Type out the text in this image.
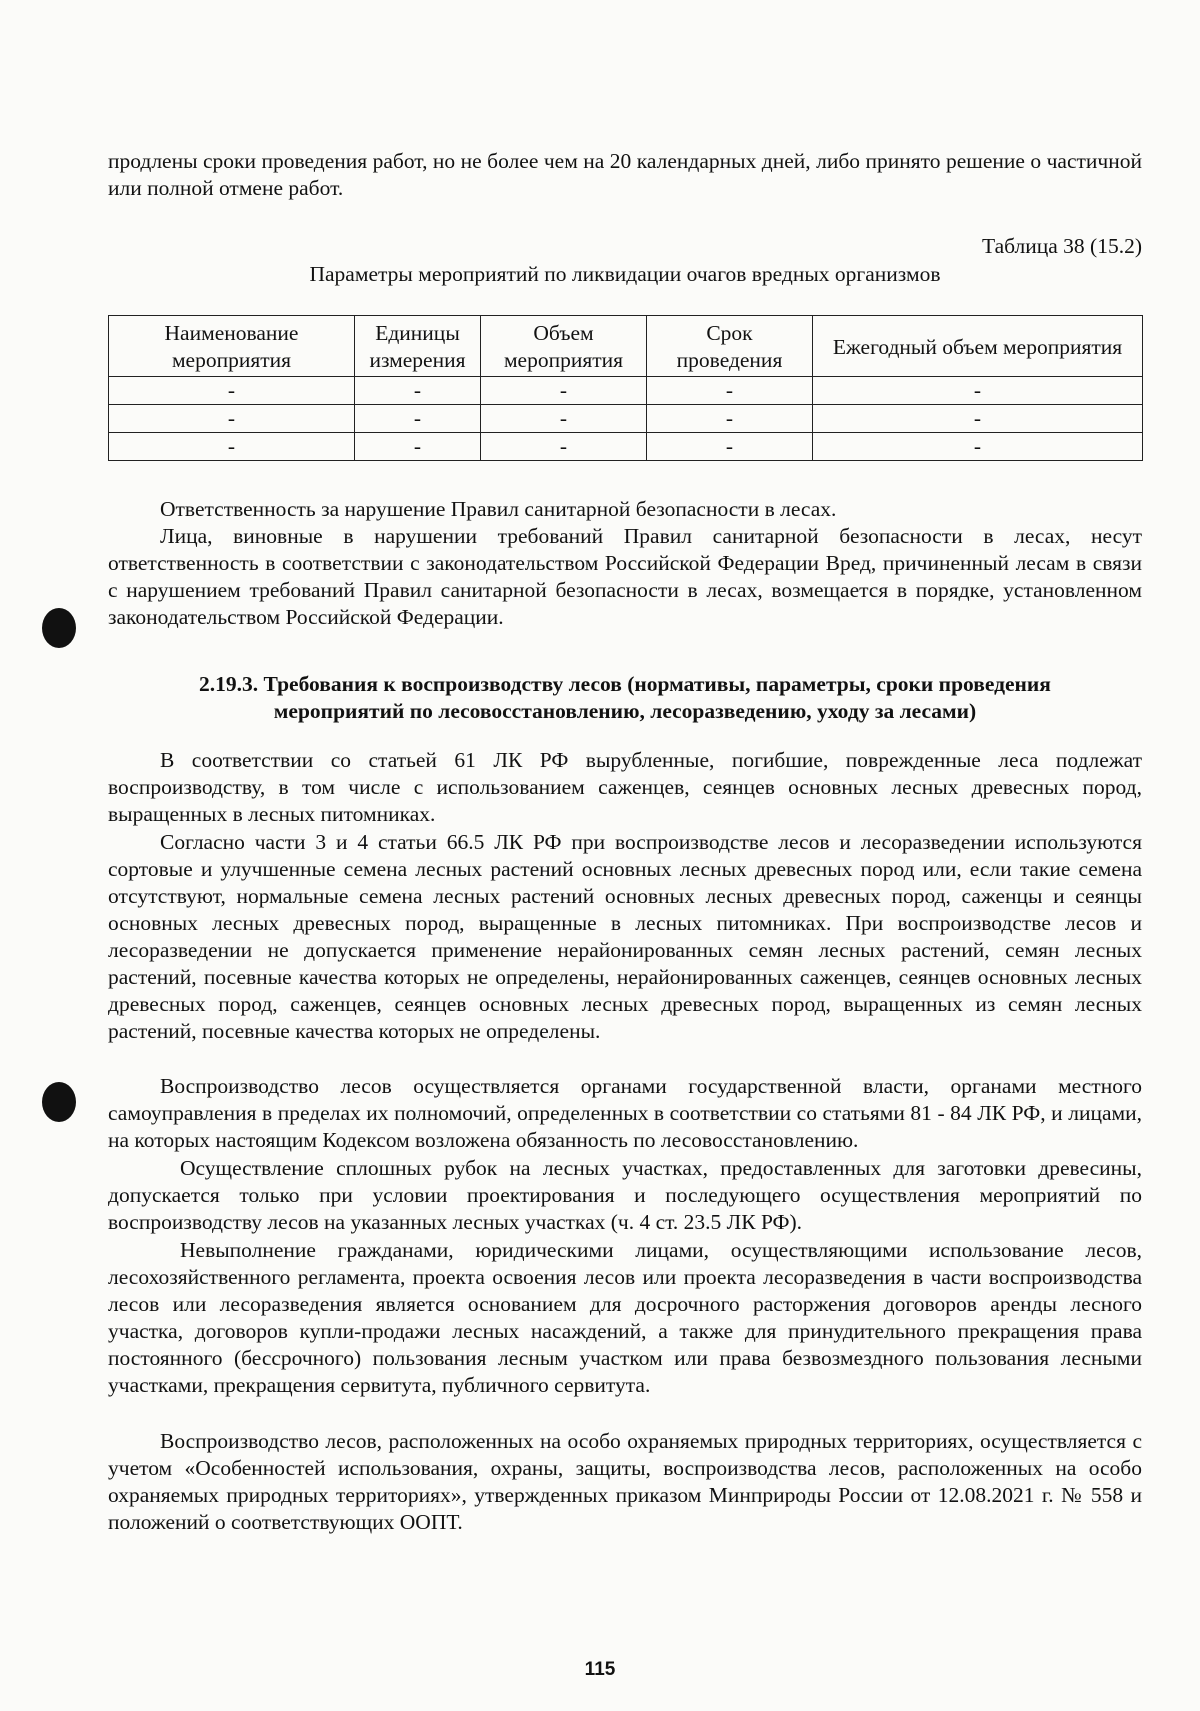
продлены сроки проведения работ, но не более чем на 20 календарных дней, либо принято решение о частичной или полной отмене работ.

Таблица 38 (15.2)

Параметры мероприятий по ликвидации очагов вредных организмов

Наименование мероприятия	Единицы измерения	Объем мероприятия	Срок проведения	Ежегодный объем мероприятия
-	-	-	-	-
-	-	-	-	-
-	-	-	-	-

Ответственность за нарушение Правил санитарной безопасности в лесах.

Лица, виновные в нарушении требований Правил санитарной безопасности в лесах, несут ответственность в соответствии с законодательством Российской Федерации Вред, причиненный лесам в связи с нарушением требований Правил санитарной безопасности в лесах, возмещается в порядке, установленном законодательством Российской Федерации.

2.19.3. Требования к воспроизводству лесов (нормативы, параметры, сроки проведения мероприятий по лесовосстановлению, лесоразведению, уходу за лесами)

В соответствии со статьей 61 ЛК РФ вырубленные, погибшие, поврежденные леса подлежат воспроизводству, в том числе с использованием саженцев, сеянцев основных лесных древесных пород, выращенных в лесных питомниках.

Согласно части 3 и 4 статьи 66.5 ЛК РФ при воспроизводстве лесов и лесоразведении используются сортовые и улучшенные семена лесных растений основных лесных древесных пород или, если такие семена отсутствуют, нормальные семена лесных растений основных лесных древесных пород, саженцы и сеянцы основных лесных древесных пород, выращенные в лесных питомниках. При воспроизводстве лесов и лесоразведении не допускается применение нерайонированных семян лесных растений, семян лесных растений, посевные качества которых не определены, нерайонированных саженцев, сеянцев основных лесных древесных пород, саженцев, сеянцев основных лесных древесных пород, выращенных из семян лесных растений, посевные качества которых не определены.

Воспроизводство лесов осуществляется органами государственной власти, органами местного самоуправления в пределах их полномочий, определенных в соответствии со статьями 81 - 84 ЛК РФ, и лицами, на которых настоящим Кодексом возложена обязанность по лесовосстановлению.

Осуществление сплошных рубок на лесных участках, предоставленных для заготовки древесины, допускается только при условии проектирования и последующего осуществления мероприятий по воспроизводству лесов на указанных лесных участках (ч. 4 ст. 23.5 ЛК РФ).

Невыполнение гражданами, юридическими лицами, осуществляющими использование лесов, лесохозяйственного регламента, проекта освоения лесов или проекта лесоразведения в части воспроизводства лесов или лесоразведения является основанием для досрочного расторжения договоров аренды лесного участка, договоров купли-продажи лесных насаждений, а также для принудительного прекращения права постоянного (бессрочного) пользования лесным участком или права безвозмездного пользования лесными участками, прекращения сервитута, публичного сервитута.

Воспроизводство лесов, расположенных на особо охраняемых природных территориях, осуществляется с учетом «Особенностей использования, охраны, защиты, воспроизводства лесов, расположенных на особо охраняемых природных территориях», утвержденных приказом Минприроды России от 12.08.2021 г. № 558 и положений о соответствующих ООПТ.

115
